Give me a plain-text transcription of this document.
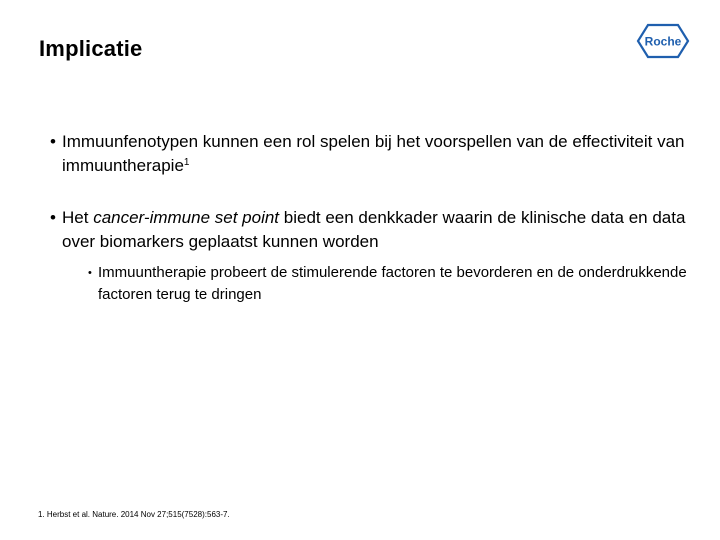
Implicatie	Roche
• Immuunfenotypen kunnen een rol spelen bij het voorspellen van de effectiviteit van immuuntherapie$^1$
• Het cancer-immune set point biedt een denkkader waarin de klinische data en data over biomarkers geplaatst kunnen worden
• Immuuntherapie probeert de stimulerende factoren te bevorderen en de onderdrukkende factoren terug te dringen
1. Herbst et al. Nature. 2014 Nov 27;515(7528):563-7.
